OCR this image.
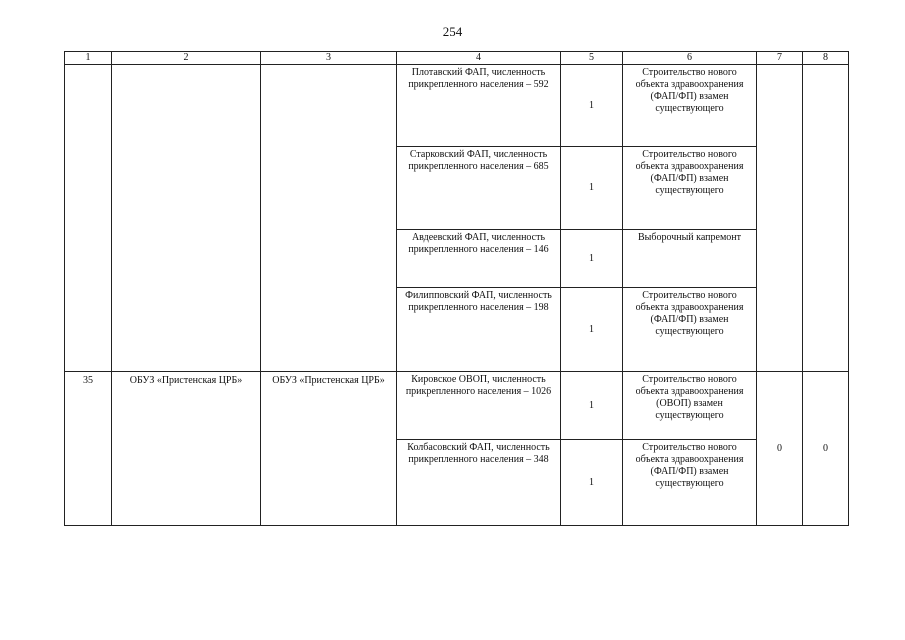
254
1	2	3	4	5	6	7	8
			Плотавский ФАП, численность прикрепленного населения – 592	1	Строительство нового объекта здравоохранения (ФАП/ФП) взамен существующего		
			Старковский ФАП, численность прикрепленного населения – 685	1	Строительство нового объекта здравоохранения (ФАП/ФП) взамен существующего		
			Авдеевский ФАП, численность прикрепленного населения – 146	1	Выборочный капремонт		
			Филипповский ФАП, численность прикрепленного населения – 198	1	Строительство нового объекта здравоохранения (ФАП/ФП) взамен существующего		
35	ОБУЗ «Пристенская ЦРБ»	ОБУЗ «Пристенская ЦРБ»	Кировское ОВОП, численность прикрепленного населения – 1026	1	Строительство нового объекта здравоохранения (ОВОП) взамен существующего	0	0
			Колбасовский ФАП, численность прикрепленного населения – 348	1	Строительство нового объекта здравоохранения (ФАП/ФП) взамен существующего		
